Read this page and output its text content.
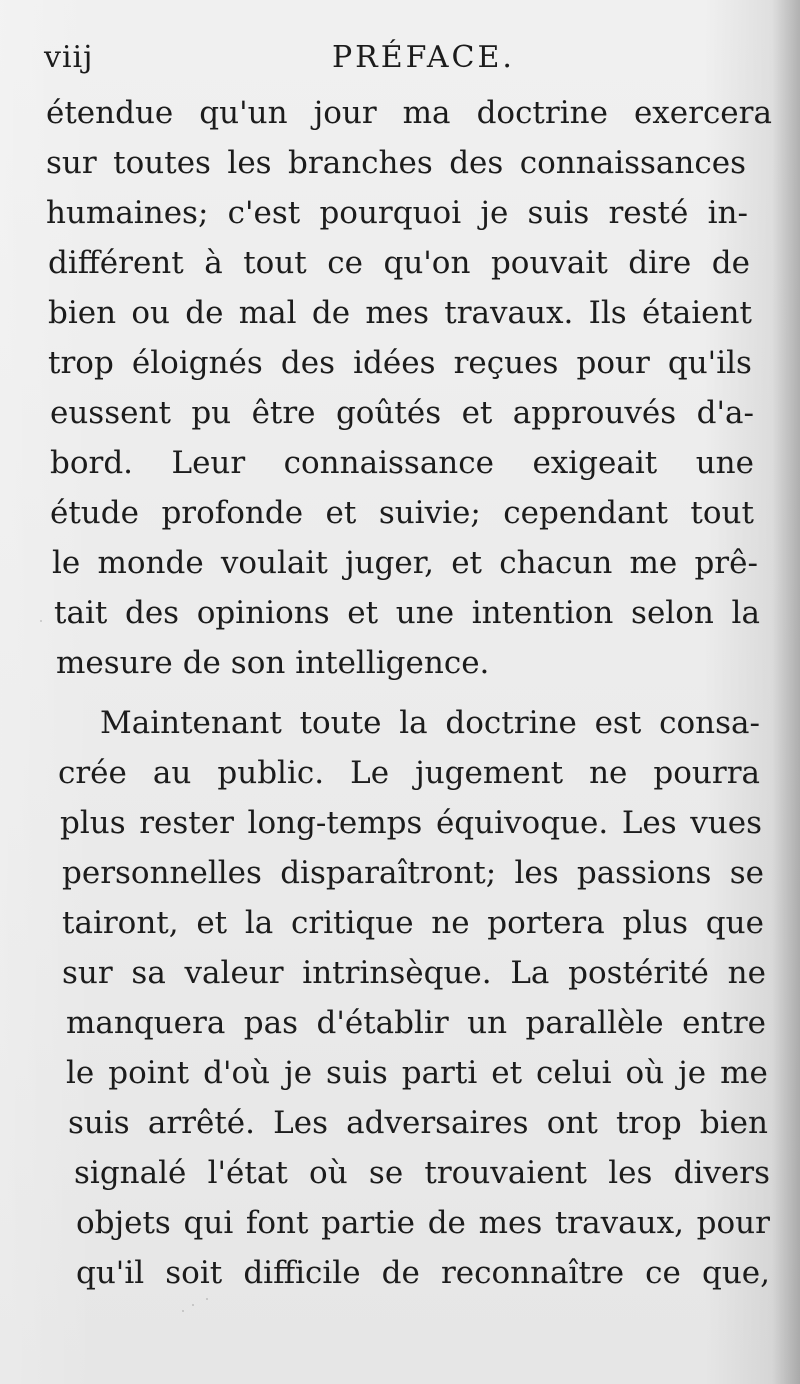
viij	PRÉFACE.
étendue qu'un jour ma doctrine exercera
sur toutes les branches des connaissances
humaines; c'est pourquoi je suis resté in-
différent à tout ce qu'on pouvait dire de
bien ou de mal de mes travaux. Ils étaient
trop éloignés des idées reçues pour qu'ils
eussent pu être goûtés et approuvés d'a-
bord. Leur connaissance exigeait une
étude profonde et suivie; cependant tout
le monde voulait juger, et chacun me prê-
tait des opinions et une intention selon la
mesure de son intelligence.
Maintenant toute la doctrine est consa-
crée au public. Le jugement ne pourra
plus rester long-temps équivoque. Les vues
personnelles disparaîtront; les passions se
tairont, et la critique ne portera plus que
sur sa valeur intrinsèque. La postérité ne
manquera pas d'établir un parallèle entre
le point d'où je suis parti et celui où je me
suis arrêté. Les adversaires ont trop bien
signalé l'état où se trouvaient les divers
objets qui font partie de mes travaux, pour
qu'il soit difficile de reconnaître ce que,
